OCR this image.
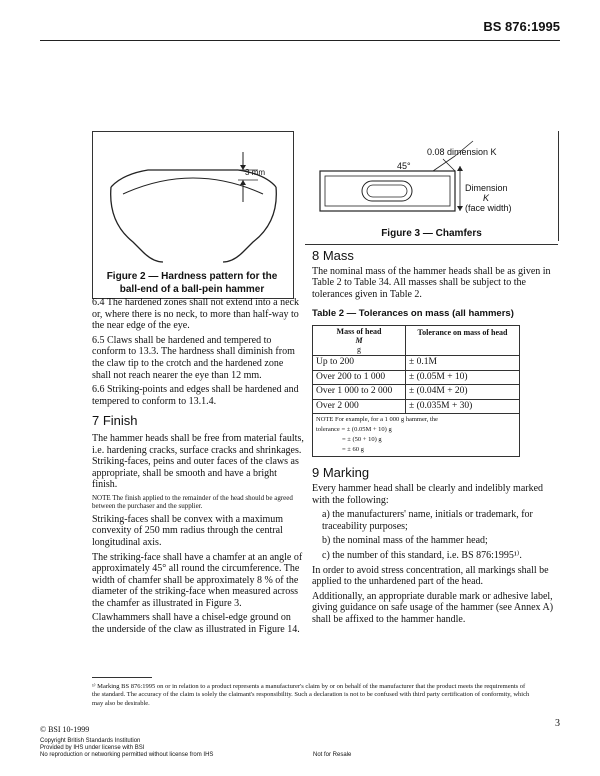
BS 876:1995
3 mm
Figure 2 — Hardness pattern for the
ball-end of a ball-pein hammer
0.08 dimension K
45°
Dimension
K
(face width)
Figure 3 — Chamfers

6.4 The hardened zones shall not extend into a neck or, where there is no neck, to more than half-way to the near edge of the eye.

6.5 Claws shall be hardened and tempered to conform to 13.3. The hardness shall diminish from the claw tip to the crotch and the hardened zone shall not reach nearer the eye than 12 mm.

6.6 Striking-points and edges shall be hardened and tempered to conform to 13.1.4.

7 Finish

The hammer heads shall be free from material faults, i.e. hardening cracks, surface cracks and shrinkages. Striking-faces, peins and outer faces of the claws as appropriate, shall be smooth and have a bright finish.

NOTE The finish applied to the remainder of the head should be agreed between the purchaser and the supplier.

Striking-faces shall be convex with a maximum convexity of 250 mm radius through the central longitudinal axis.

The striking-face shall have a chamfer at an angle of approximately 45° all round the circumference. The width of chamfer shall be approximately 8 % of the diameter of the striking-face when measured across the chamfer as illustrated in Figure 3.

Clawhammers shall have a chisel-edge ground on the underside of the claw as illustrated in Figure 14.

8 Mass

The nominal mass of the hammer heads shall be as given in Table 2 to Table 34. All masses shall be subject to the tolerances given in Table 2.

Table 2 — Tolerances on mass (all hammers)
Mass of head
M
g	Tolerance on mass of head
Up to 200	± 0.1M
Over 200 to 1 000	± (0.05M + 10)
Over 1 000 to 2 000	± (0.04M + 20)
Over 2 000	± (0.035M + 30)

NOTE For example, for a 1 000 g hammer, the
tolerance = ± (0.05M + 10) g
= ± (50 + 10) g
= ± 60 g	
9 Marking

Every hammer head shall be clearly and indelibly marked with the following:

a) the manufacturers' name, initials or trademark, for traceability purposes;

b) the nominal mass of the hammer head;

c) the number of this standard, i.e. BS 876:1995¹⁾.

In order to avoid stress concentration, all markings shall be applied to the unhardened part of the head.

Additionally, an appropriate durable mark or adhesive label, giving guidance on safe usage of the hammer (see Annex A) shall be affixed to the hammer handle.

¹⁾ Marking BS 876:1995 on or in relation to a product represents a manufacturer's claim by or on behalf of the manufacturer that the product meets the requirements of the standard. The accuracy of the claim is solely the claimant's responsibility. Such a declaration is not to be confused with third party certification of conformity, which may also be desirable.
© BSI 10-1999
Copyright British Standards Institution
Provided by IHS under license with BSI
No reproduction or networking permitted without license from IHS	Not for Resale
3
